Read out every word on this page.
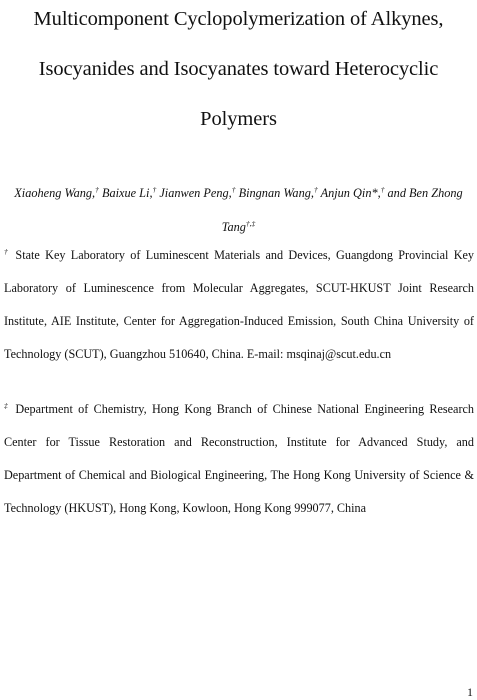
Multicomponent Cyclopolymerization of Alkynes,
Isocyanides and Isocyanates toward Heterocyclic
Polymers
Xiaoheng Wang,† Baixue Li,† Jianwen Peng,† Bingnan Wang,† Anjun Qin*,† and Ben Zhong
Tang†,‡
† State Key Laboratory of Luminescent Materials and Devices, Guangdong Provincial Key Laboratory of Luminescence from Molecular Aggregates, SCUT-HKUST Joint Research Institute, AIE Institute, Center for Aggregation-Induced Emission, South China University of Technology (SCUT), Guangzhou 510640, China. E-mail: msqinaj@scut.edu.cn
‡ Department of Chemistry, Hong Kong Branch of Chinese National Engineering Research Center for Tissue Restoration and Reconstruction, Institute for Advanced Study, and Department of Chemical and Biological Engineering, The Hong Kong University of Science & Technology (HKUST), Hong Kong, Kowloon, Hong Kong 999077, China
1
